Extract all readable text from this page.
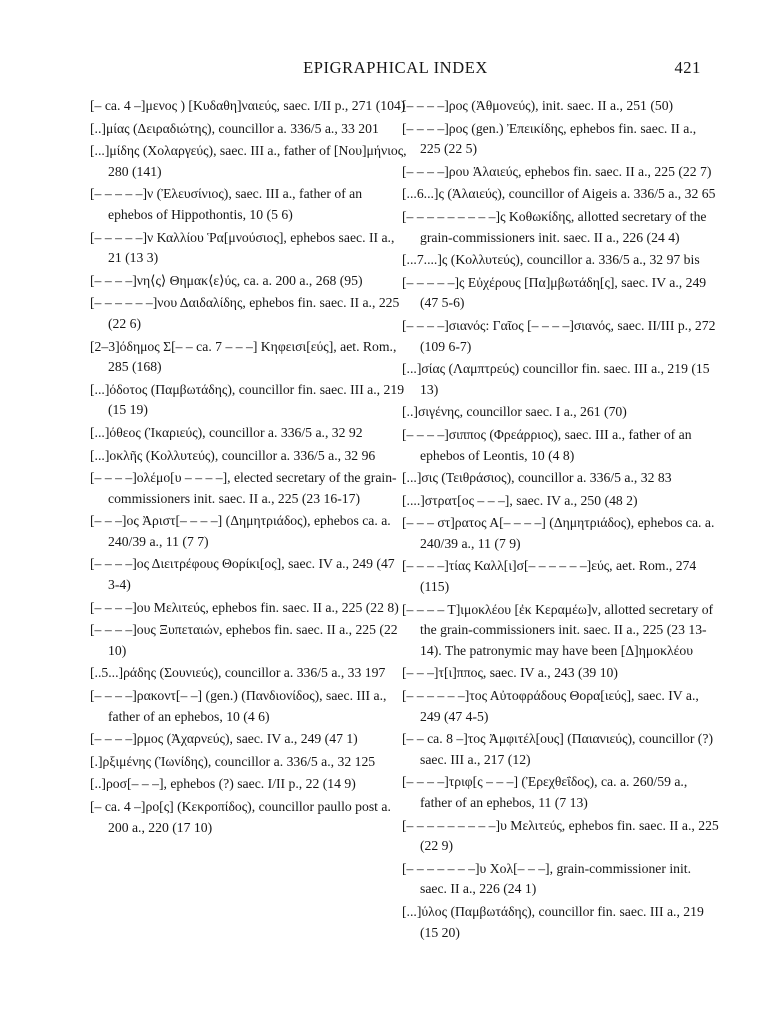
EPIGRAPHICAL INDEX	421

[– ca. 4 –]μενος ) [Κυδαθη]ναιεύς, saec. I/II p., 271 (104)

[..]μίας (Δειραδιώτης), councillor a. 336/5 a., 33 201

[...]μίδης (Χολαργεύς), saec. III a., father of [Νου]μήνιος, 280 (141)

[– – – – –]ν (Ἐλευσίνιος), saec. III a., father of an ephebos of Hippothontis, 10 (5 6)

[– – – – –]ν Καλλίου Ῥα[μνούσιος], ephebos saec. II a., 21 (13 3)

[– – – –]νη⟨ς⟩ Θημακ⟨ε⟩ύς, ca. a. 200 a., 268 (95)

[– – – – – –]νου Δαιδαλίδης, ephebos fin. saec. II a., 225 (22 6)

[2–3]όδημος Σ[– – ca. 7 – – –] Κηφεισι[εύς], aet. Rom., 285 (168)

[...]όδοτος (Παμβωτάδης), councillor fin. saec. III a., 219 (15 19)

[...]όθεος (Ἰκαριεύς), councillor a. 336/5 a., 32 92

[...]οκλῆς (Κολλυτεύς), councillor a. 336/5 a., 32 96

[– – – –]ολέμο[υ – – – –], elected secretary of the grain-commissioners init. saec. II a., 225 (23 16-17)

[– – –]ος Ἀριστ[– – – –] (Δημητριάδος), ephebos ca. a. 240/39 a., 11 (7 7)

[– – – –]ος Διειτρέφους Θορίκι[ος], saec. IV a., 249 (47 3-4)

[– – – –]ου Μελιτεύς, ephebos fin. saec. II a., 225 (22 8)

[– – – –]ους Ξυπεταιών, ephebos fin. saec. II a., 225 (22 10)

[..5...]ράδης (Σουνιεύς), councillor a. 336/5 a., 33 197

[– – – –]ρακοντ[– –] (gen.) (Πανδιονίδος), saec. III a., father of an ephebos, 10 (4 6)

[– – – –]ρμος (Ἀχαρνεύς), saec. IV a., 249 (47 1)

[.]ρξιμένης (Ἰωνίδης), councillor a. 336/5 a., 32 125

[..]ροσ[– – –], ephebos (?) saec. I/II p., 22 (14 9)

[– ca. 4 –]ρο[ς] (Κεκροπίδος), councillor paullo post a. 200 a., 220 (17 10)

[– – – –]ρος (Ἀθμονεύς), init. saec. II a., 251 (50)

[– – – –]ρος (gen.) Ἐπεικίδης, ephebos fin. saec. II a., 225 (22 5)

[– – – –]ρου Ἁλαιεύς, ephebos fin. saec. II a., 225 (22 7)

[...6...]ς (Ἁλαιεύς), councillor of Aigeis a. 336/5 a., 32 65

[– – – – – – – – –]ς Κοθωκίδης, allotted secretary of the grain-commissioners init. saec. II a., 226 (24 4)

[...7....]ς (Κολλυτεύς), councillor a. 336/5 a., 32 97 bis

[– – – – –]ς Εὐχέρους [Πα]μβωτάδη[ς], saec. IV a., 249 (47 5-6)

[– – – –]σιανός: Γαῖος [– – – –]σιανός, saec. II/III p., 272 (109 6-7)

[...]σίας (Λαμπτρεύς) councillor fin. saec. III a., 219 (15 13)

[..]σιγένης, councillor saec. I a., 261 (70)

[– – – –]σιππος (Φρεάρριος), saec. III a., father of an ephebos of Leontis, 10 (4 8)

[...]σις (Τειθράσιος), councillor a. 336/5 a., 32 83

[....]στρατ[ος – – –], saec. IV a., 250 (48 2)

[– – – στ]ρατος Α[– – – –] (Δημητριάδος), ephebos ca. a. 240/39 a., 11 (7 9)

[– – – –]τίας Καλλ[ι]σ[– – – – – –]εύς, aet. Rom., 274 (115)

[– – – – Τ]ιμοκλέου [ἐκ Κεραμέω]ν, allotted secretary of the grain-commissioners init. saec. II a., 225 (23 13-14). The patronymic may have been [Δ]ημοκλέου

[– – –]τ[ι]ππος, saec. IV a., 243 (39 10)

[– – – – – –]τος Αὐτοφράδους Θορα[ιεύς], saec. IV a., 249 (47 4-5)

[– – ca. 8 –]τος Ἀμφιτέλ[ους] (Παιανιεύς), councillor (?) saec. III a., 217 (12)

[– – – –]τριφ[ς – – –] (Ἐρεχθεΐδος), ca. a. 260/59 a., father of an ephebos, 11 (7 13)

[– – – – – – – – –]υ Μελιτεύς, ephebos fin. saec. II a., 225 (22 9)

[– – – – – – –]υ Χολ[– – –], grain-commissioner init. saec. II a., 226 (24 1)

[...]ύλος (Παμβωτάδης), councillor fin. saec. III a., 219 (15 20)
